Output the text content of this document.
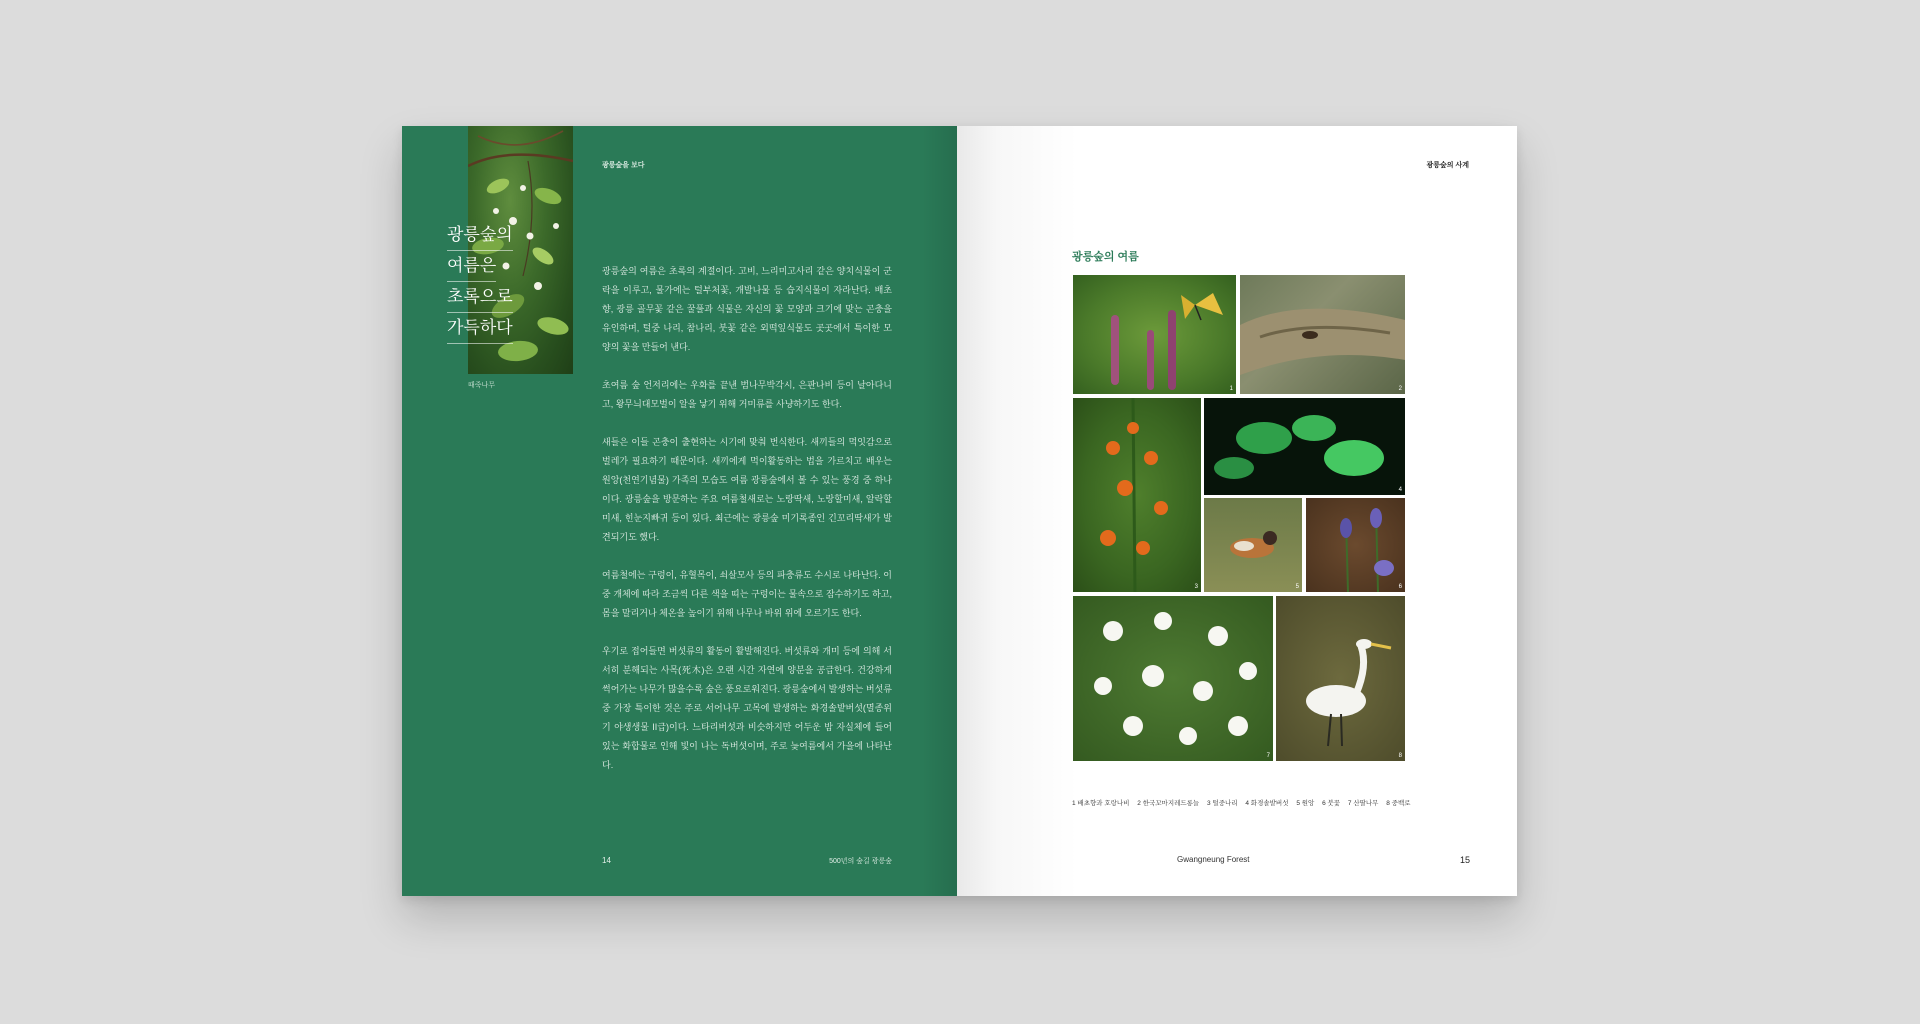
때죽나무
광릉숲의
여름은
초록으로
가득하다
광릉숲을 보다

광릉숲의 여름은 초록의 계절이다. 고비, 느리미고사리 같은 양치식물이 군락을 이루고, 물가에는 털부처꽃, 개발나물 등 습지식물이 자라난다. 배초향, 광릉 골무꽃 같은 꿀풀과 식물은 자신의 꽃 모양과 크기에 맞는 곤충을 유인하며, 털중 나리, 참나리, 붓꽃 같은 외떡잎식물도 곳곳에서 특이한 모양의 꽃을 만들어 낸다.

초여름 숲 언저리에는 우화를 끝낸 범나무박각시, 은판나비 등이 날아다니고, 왕무늬대모벌이 알을 낳기 위해 거미류를 사냥하기도 한다.

새들은 이들 곤충이 출현하는 시기에 맞춰 번식한다. 새끼들의 먹잇감으로 벌레가 필요하기 때문이다. 새끼에게 먹이활동하는 법을 가르치고 배우는 원앙(천연기념물) 가족의 모습도 여름 광릉숲에서 볼 수 있는 풍경 중 하나이다. 광릉숲을 방문하는 주요 여름철새로는 노랑딱새, 노랑할미새, 알락할미새, 힌눈지빠귀 등이 있다. 최근에는 광릉숲 미기록종인 긴꼬리딱새가 발견되기도 했다.

여름철에는 구렁이, 유혈목이, 쇠살모사 등의 파충류도 수시로 나타난다. 이 중 개체에 따라 조금씩 다른 색을 띠는 구렁이는 물속으로 잠수하기도 하고, 몸을 말리거나 체온을 높이기 위해 나무나 바위 위에 오르기도 한다.

우기로 접어들면 버섯류의 활동이 활발해진다. 버섯류와 개미 등에 의해 서서히 분해되는 사목(死木)은 오랜 시간 자연에 양분을 공급한다. 건강하게 썩어가는 나무가 많을수록 숲은 풍요로워진다. 광릉숲에서 발생하는 버섯류 중 가장 특이한 것은 주로 서어나무 고목에 발생하는 화경솔밭버섯(멸종위기 야생생물 II급)이다. 느타리버섯과 비슷하지만 어두운 밤 자실체에 들어 있는 화합물로 인해 빛이 나는 독버섯이며, 주로 늦여름에서 가을에 나타난다.

14	500년의 숲길 광릉숲
광릉숲의 사계
광릉숲의 여름
1	2
3
4
5	6
7	8
1 배초향과 호랑나비 2 한국꼬마지레드롱늘 3 털중나리 4 화경솔밭버섯 5 원앙 6 붓꽃 7 산딸나무 8 중백로
Gwangneung Forest	15
